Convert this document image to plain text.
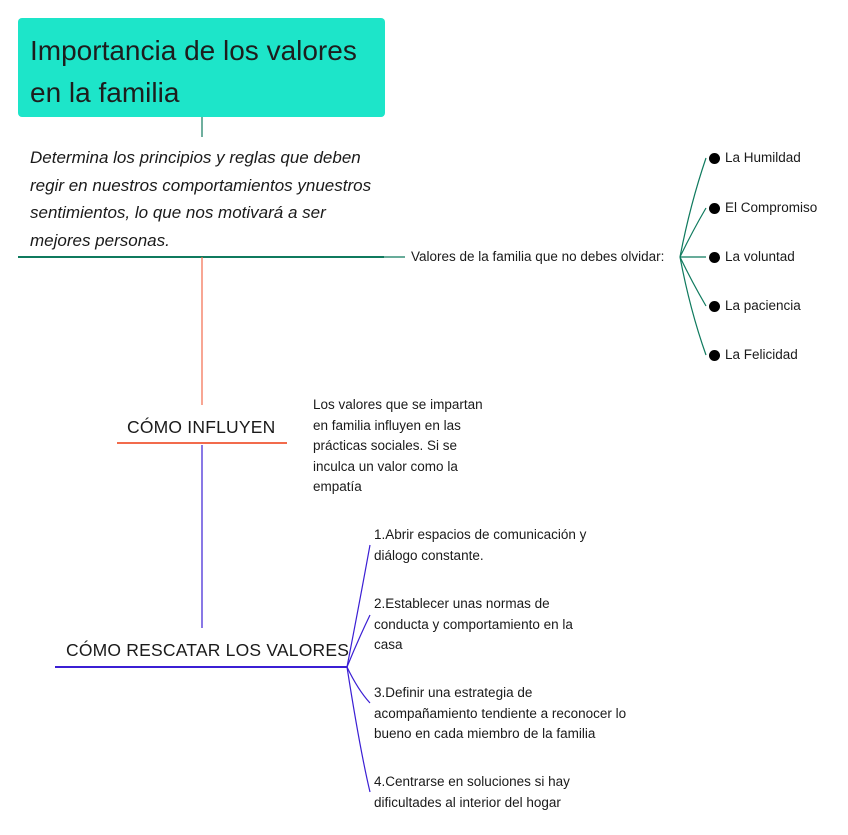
Importancia de los valores en la familia
Determina los principios y reglas que deben regir en nuestros comportamientos ynuestros sentimientos, lo que nos motivará a ser mejores personas.
Valores de la familia que no debes olvidar:
La Humildad
El Compromiso
La voluntad
La paciencia
La Felicidad
CÓMO INFLUYEN
Los valores que se impartan en familia influyen en las prácticas sociales. Si se inculca un valor como la empatía
CÓMO RESCATAR LOS VALORES
1.Abrir espacios de comunicación y diálogo constante.
2.Establecer unas normas de conducta y comportamiento en la casa
3.Definir una estrategia de acompañamiento tendiente a reconocer lo bueno en cada miembro de la familia
4.Centrarse en soluciones si hay dificultades al interior del hogar
